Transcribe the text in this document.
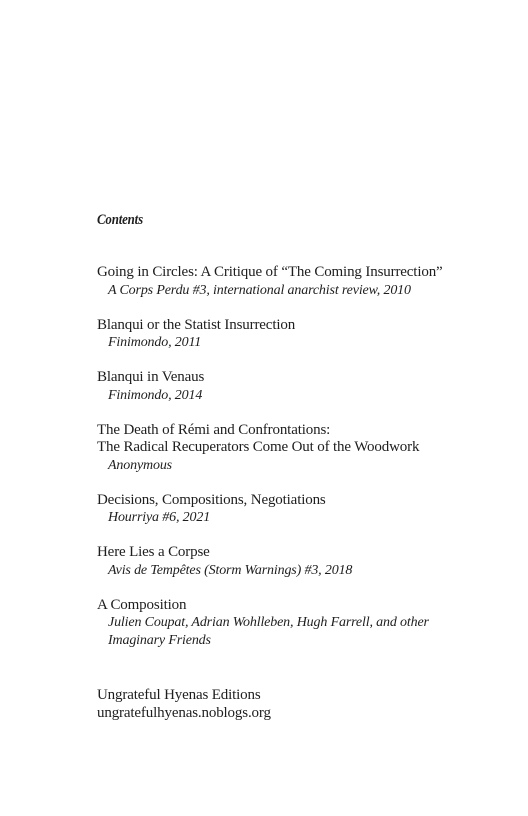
Contents
Going in Circles: A Critique of “The Coming Insurrection”
A Corps Perdu #3, international anarchist review, 2010
Blanqui or the Statist Insurrection
Finimondo, 2011
Blanqui in Venaus
Finimondo, 2014
The Death of Rémi and Confrontations:
The Radical Recuperators Come Out of the Woodwork
Anonymous
Decisions, Compositions, Negotiations
Hourriya #6, 2021
Here Lies a Corpse
Avis de Tempêtes (Storm Warnings) #3, 2018
A Composition
Julien Coupat, Adrian Wohlleben, Hugh Farrell, and other
Imaginary Friends
Ungrateful Hyenas Editions
ungratefulhyenas.noblogs.org
